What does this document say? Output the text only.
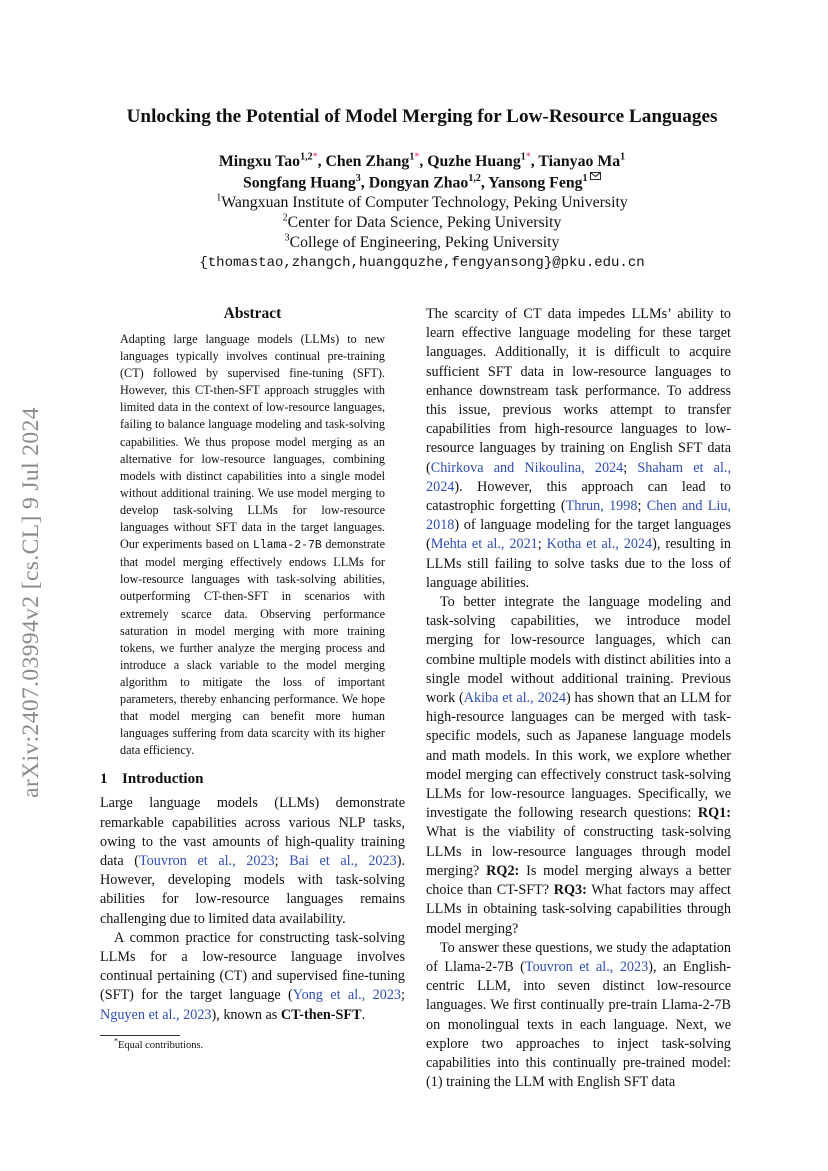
arXiv:2407.03994v2 [cs.CL] 9 Jul 2024
Unlocking the Potential of Model Merging for Low-Resource Languages
Mingxu Tao$^{1,2*}$, Chen Zhang$^{1*}$, Quzhe Huang$^{1*}$, Tianyao Ma$^1$
Songfang Huang$^3$, Dongyan Zhao$^{1,2}$, Yansong Feng$^1$
$^1$Wangxuan Institute of Computer Technology, Peking University
$^2$Center for Data Science, Peking University
$^3$College of Engineering, Peking University
{thomastao,zhangch,huangquzhe,fengyansong}@pku.edu.cn
Abstract

Adapting large language models (LLMs) to new languages typically involves continual pre-training (CT) followed by supervised fine-tuning (SFT). However, this CT-then-SFT approach struggles with limited data in the context of low-resource languages, failing to balance language modeling and task-solving capabilities. We thus propose model merging as an alternative for low-resource languages, combining models with distinct capabilities into a single model without additional training. We use model merging to develop task-solving LLMs for low-resource languages without SFT data in the target languages. Our experiments based on Llama-2-7B demonstrate that model merging effectively endows LLMs for low-resource languages with task-solving abilities, outperforming CT-then-SFT in scenarios with extremely scarce data. Observing performance saturation in model merging with more training tokens, we further analyze the merging process and introduce a slack variable to the model merging algorithm to mitigate the loss of important parameters, thereby enhancing performance. We hope that model merging can benefit more human languages suffering from data scarcity with its higher data efficiency.

1 Introduction

Large language models (LLMs) demonstrate remarkable capabilities across various NLP tasks, owing to the vast amounts of high-quality training data (Touvron et al., 2023; Bai et al., 2023). However, developing models with task-solving abilities for low-resource languages remains challenging due to limited data availability.

A common practice for constructing task-solving LLMs for a low-resource language involves continual pertaining (CT) and supervised fine-tuning (SFT) for the target language (Yong et al., 2023; Nguyen et al., 2023), known as CT-then-SFT.

*Equal contributions.

The scarcity of CT data impedes LLMs’ ability to learn effective language modeling for these target languages. Additionally, it is difficult to acquire sufficient SFT data in low-resource languages to enhance downstream task performance. To address this issue, previous works attempt to transfer capabilities from high-resource languages to low-resource languages by training on English SFT data (Chirkova and Nikoulina, 2024; Shaham et al., 2024). However, this approach can lead to catastrophic forgetting (Thrun, 1998; Chen and Liu, 2018) of language modeling for the target languages (Mehta et al., 2021; Kotha et al., 2024), resulting in LLMs still failing to solve tasks due to the loss of language abilities.

To better integrate the language modeling and task-solving capabilities, we introduce model merging for low-resource languages, which can combine multiple models with distinct abilities into a single model without additional training. Previous work (Akiba et al., 2024) has shown that an LLM for high-resource languages can be merged with task-specific models, such as Japanese language models and math models. In this work, we explore whether model merging can effectively construct task-solving LLMs for low-resource languages. Specifically, we investigate the following research questions: RQ1: What is the viability of constructing task-solving LLMs in low-resource languages through model merging? RQ2: Is model merging always a better choice than CT-SFT? RQ3: What factors may affect LLMs in obtaining task-solving capabilities through model merging?

To answer these questions, we study the adaptation of Llama-2-7B (Touvron et al., 2023), an English-centric LLM, into seven distinct low-resource languages. We first continually pre-train Llama-2-7B on monolingual texts in each language. Next, we explore two approaches to inject task-solving capabilities into this continually pre-trained model: (1) training the LLM with English SFT data
